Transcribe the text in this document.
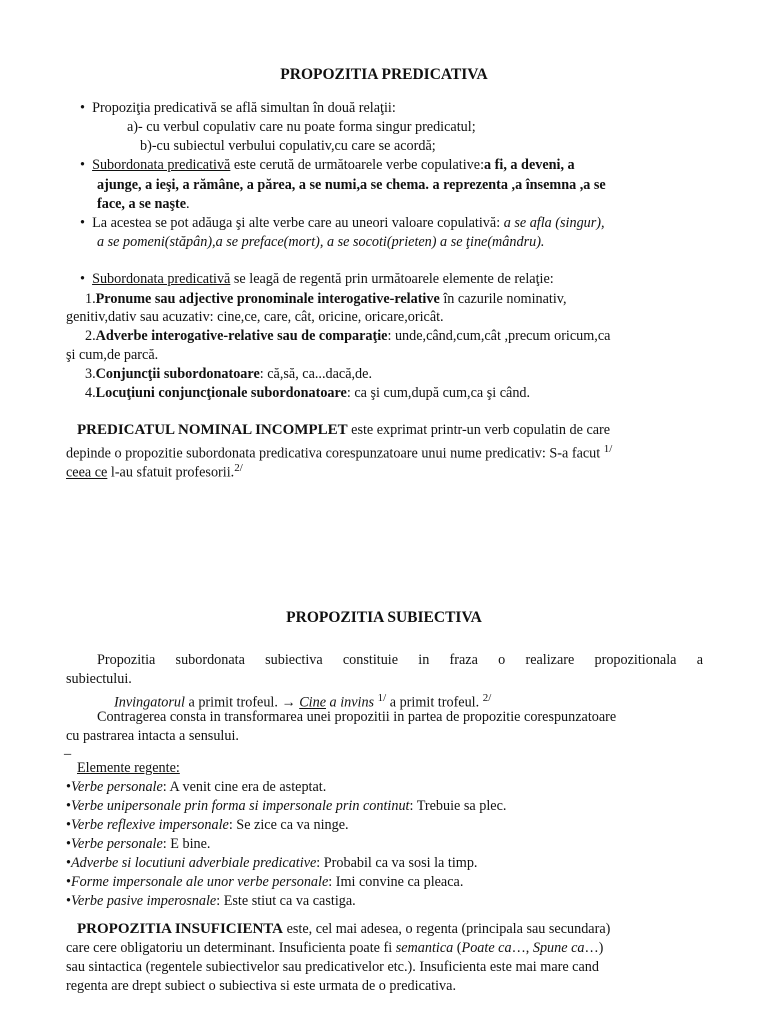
PROPOZITIA PREDICATIVA
•  Propoziţia predicativă se află simultan în două relaţii:
a)- cu verbul copulativ care nu poate forma singur predicatul;
b)-cu subiectul verbului copulativ,cu care se acordă;
•  Subordonata predicativă este cerută de următoarele verbe copulative:a fi, a deveni, a
ajunge, a ieşi, a rămâne, a părea, a se numi,a se chema. a reprezenta ,a însemna ,a se
face, a se naşte.
•  La acestea se pot adăuga şi alte verbe care au uneori valoare copulativă: a se afla (singur),
a se pomeni(stăpân),a se preface(mort), a se socoti(prieten) a se ţine(mândru).
•  Subordonata predicativă se leagă de regentă prin următoarele elemente de relaţie:
1.Pronume sau adjective pronominale interogative-relative în cazurile nominativ,
genitiv,dativ sau acuzativ: cine,ce, care, cât, oricine, oricare,oricât.
2.Adverbe interogative-relative sau de comparaţie: unde,când,cum,cât ,precum oricum,ca
şi cum,de parcă.
3.Conjuncţii subordonatoare: că,să, ca...dacă,de.
4.Locuţiuni conjuncţionale subordonatoare: ca şi cum,după cum,ca şi când.
PREDICATUL NOMINAL INCOMPLET este exprimat printr-un verb copulatin de care
depinde o propozitie subordonata predicativa corespunzatoare unui nume predicativ: S-a facut $^{1/}$
ceea ce l-au sfatuit profesorii.$^{2/}$
PROPOZITIA SUBIECTIVA
Propozitia subordonata subiectiva constituie in fraza o realizare propozitionala a
subiectului.
Invingatorul a primit trofeul. → Cine a invins $^{1/}$ a primit trofeul. $^{2/}$
Contragerea consta in transformarea unei propozitii in partea de propozitie corespunzatoare
cu pastrarea intacta a sensului.
_
Elemente regente:
•Verbe personale: A venit cine era de asteptat.
•Verbe unipersonale prin forma si impersonale prin continut: Trebuie sa plec.
•Verbe reflexive impersonale: Se zice ca va ninge.
•Verbe personale: E bine.
•Adverbe si locutiuni adverbiale predicative: Probabil ca va sosi la timp.
•Forme impersonale ale unor verbe personale: Imi convine ca pleaca.
•Verbe pasive imperosnale: Este stiut ca va castiga.
PROPOZITIA INSUFICIENTA este, cel mai adesea, o regenta (principala sau secundara)
care cere obligatoriu un determinant. Insuficienta poate fi semantica (Poate ca…, Spune ca…)
sau sintactica (regentele subiectivelor sau predicativelor etc.). Insuficienta este mai mare cand
regenta are drept subiect o subiectiva si este urmata de o predicativa.
